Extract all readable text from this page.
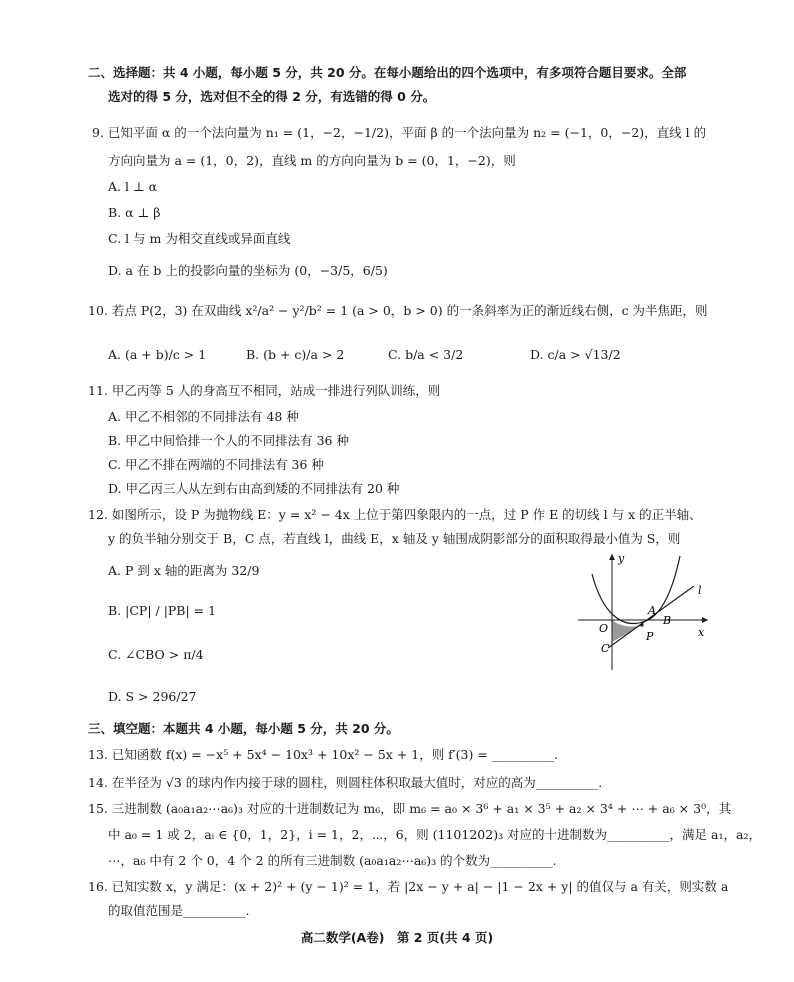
二、选择题：共 4 小题，每小题 5 分，共 20 分。在每小题给出的四个选项中，有多项符合题目要求。全部
选对的得 5 分，选对但不全的得 2 分，有选错的得 0 分。
9. 已知平面 α 的一个法向量为 n₁ = (1，−2，−1/2)，平面 β 的一个法向量为 n₂ = (−1，0，−2)，直线 l 的
方向向量为 a = (1，0，2)，直线 m 的方向向量为 b = (0，1，−2)，则
A. l ⊥ α
B. α ⊥ β
C. l 与 m 为相交直线或异面直线
D. a 在 b 上的投影向量的坐标为 (0，−3/5，6/5)
10. 若点 P(2，3) 在双曲线 x²/a² − y²/b² = 1 (a > 0，b > 0) 的一条斜率为正的渐近线右侧，c 为半焦距，则
A. (a + b)/c > 1	B. (b + c)/a > 2	C. b/a < 3/2	D. c/a > √13/2
11. 甲乙丙等 5 人的身高互不相同，站成一排进行列队训练，则
A. 甲乙不相邻的不同排法有 48 种
B. 甲乙中间恰排一个人的不同排法有 36 种
C. 甲乙不排在两端的不同排法有 36 种
D. 甲乙丙三人从左到右由高到矮的不同排法有 20 种
12. 如图所示，设 P 为抛物线 E：y = x² − 4x 上位于第四象限内的一点，过 P 作 E 的切线 l 与 x 的正半轴、
y 的负半轴分别交于 B，C 点，若直线 l，曲线 E，x 轴及 y 轴围成阴影部分的面积取得最小值为 S，则
A. P 到 x 轴的距离为 32/9
B. |CP| / |PB| = 1
C. ∠CBO > π/4
D. S > 296/27
y
l
x
O
A
B
P
C
三、填空题：本题共 4 小题，每小题 5 分，共 20 分。
13. 已知函数 f(x) = −x⁵ + 5x⁴ − 10x³ + 10x² − 5x + 1，则 f′(3) = __________.
14. 在半径为 √3 的球内作内接于球的圆柱，则圆柱体积取最大值时，对应的高为__________.
15. 三进制数 (a₀a₁a₂⋯a₆)₃ 对应的十进制数记为 m₆，即 m₆ = a₀ × 3⁶ + a₁ × 3⁵ + a₂ × 3⁴ + ⋯ + a₆ × 3⁰，其
中 a₀ = 1 或 2，aᵢ ∈ {0，1，2}，i = 1，2，⋯，6，则 (1101202)₃ 对应的十进制数为__________，满足 a₁，a₂，
⋯，a₆ 中有 2 个 0，4 个 2 的所有三进制数 (a₀a₁a₂⋯a₆)₃ 的个数为__________.
16. 已知实数 x，y 满足：(x + 2)² + (y − 1)² = 1，若 |2x − y + a| − |1 − 2x + y| 的值仅与 a 有关，则实数 a
的取值范围是__________.
高二数学(A卷)　第 2 页(共 4 页)
